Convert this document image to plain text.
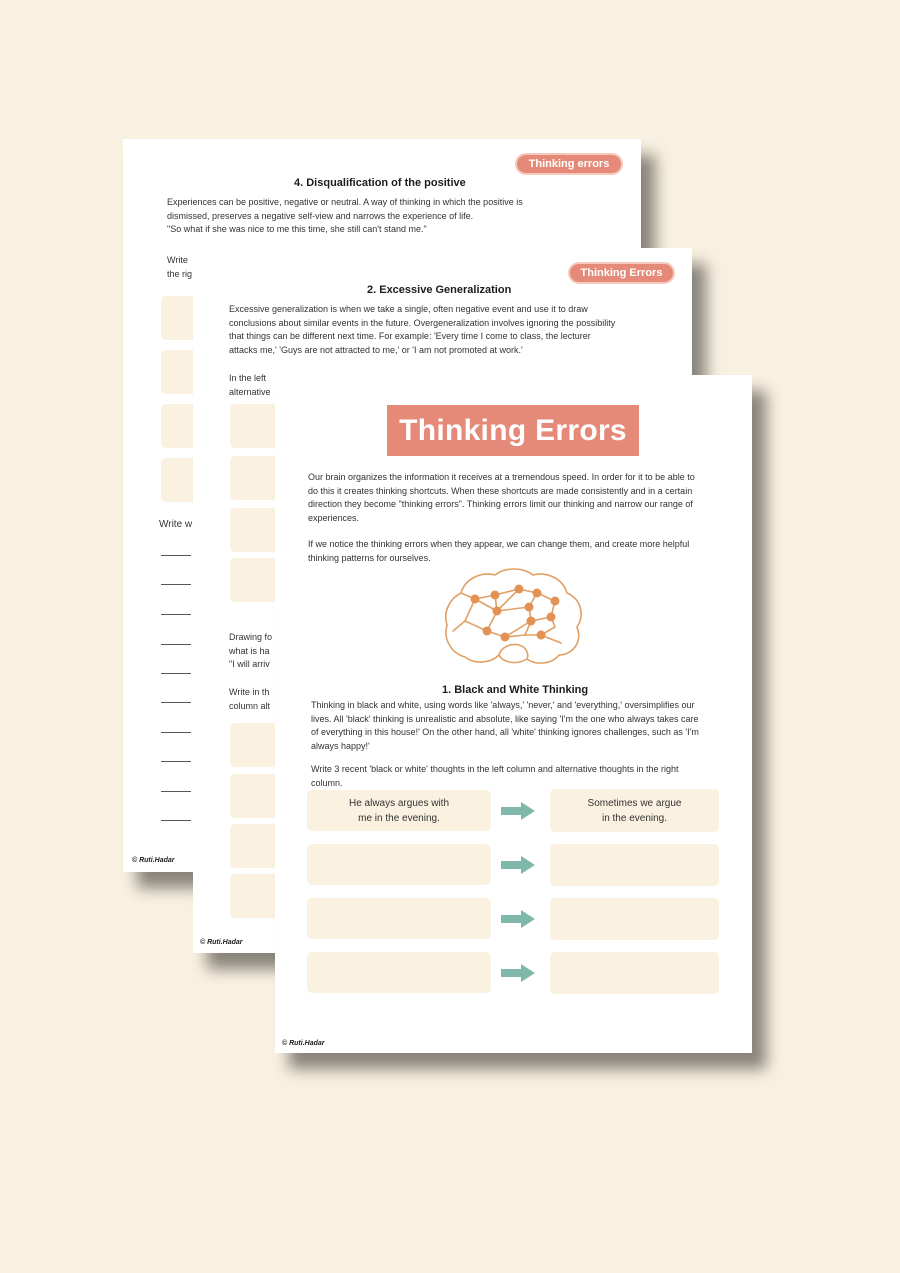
Thinking errors
4. Disqualification of the positive
Experiences can be positive, negative or neutral. A way of thinking in which the positive is
dismissed, preserves a negative self-view and narrows the experience of life.
"So what if she was nice to me this time, she still can't stand me."
Write
the rig
Write w
© Ruti.Hadar
Thinking Errors
2. Excessive Generalization
Excessive generalization is when we take a single, often negative event and use it to draw
conclusions about similar events in the future. Overgeneralization involves ignoring the possibility
that things can be different next time. For example: 'Every time I come to class, the lecturer
attacks me,' 'Guys are not attracted to me,' or 'I am not promoted at work.'
In the left
alternative
Drawing fo
what is ha
"I will arriv
Write in th
column alt
© Ruti.Hadar
Thinking Errors
Our brain organizes the information it receives at a tremendous speed. In order for it to be able to
do this it creates thinking shortcuts. When these shortcuts are made consistently and in a certain
direction they become "thinking errors". Thinking errors limit our thinking and narrow our range of
experiences.
If we notice the thinking errors when they appear, we can change them, and create more helpful
thinking patterns for ourselves.
1. Black and White Thinking
Thinking in black and white, using words like 'always,' 'never,' and 'everything,' oversimplifies our
lives. All 'black' thinking is unrealistic and absolute, like saying 'I'm the one who always takes care
of everything in this house!' On the other hand, all 'white' thinking ignores challenges, such as 'I'm
always happy!'
Write 3 recent 'black or white' thoughts in the left column and alternative thoughts in the right
column.
He always argues with
me in the evening.
Sometimes we argue
in the evening.
© Ruti.Hadar
